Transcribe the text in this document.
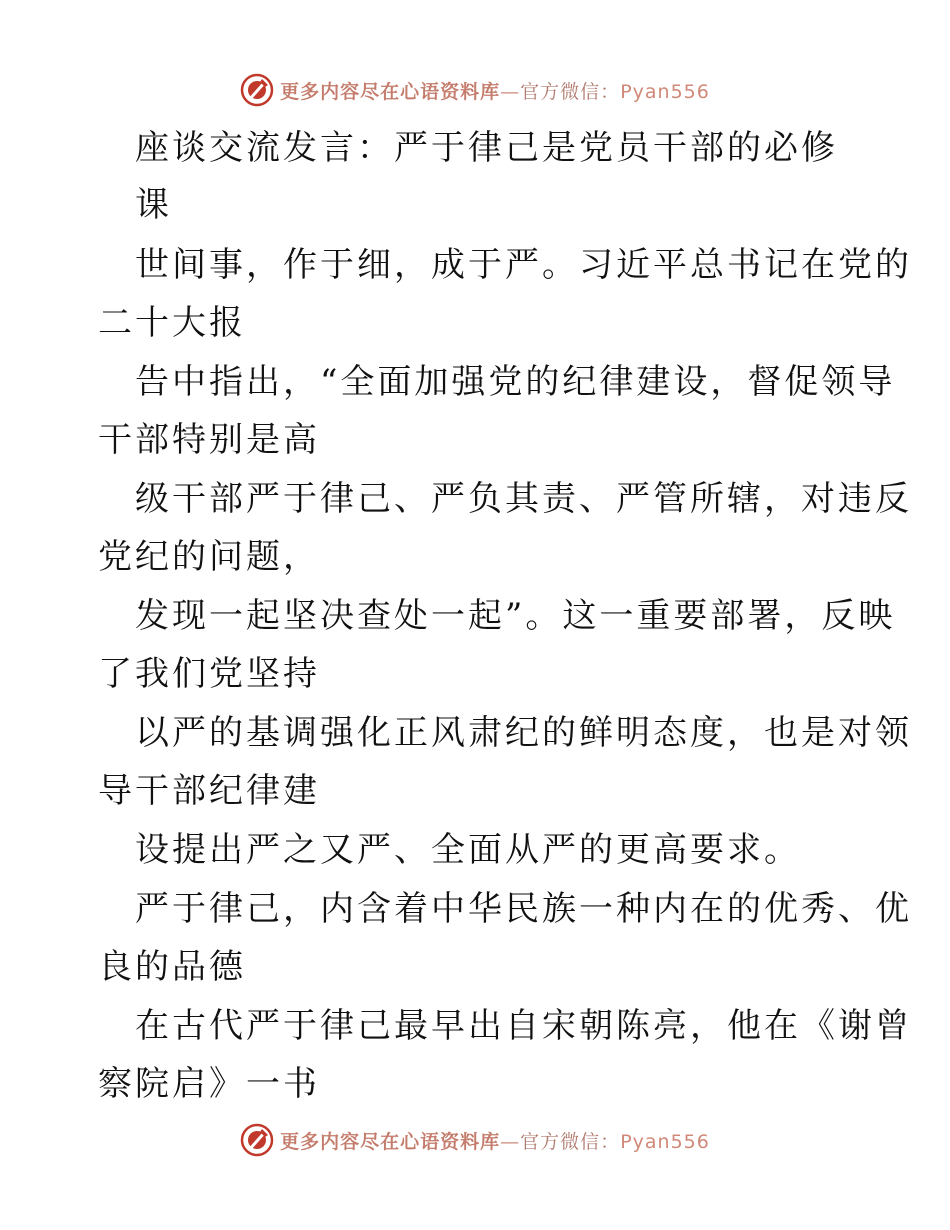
更多内容尽在心语资料库—官方微信：Pyan556
座谈交流发言：严于律己是党员干部的必修
课
世间事，作于细，成于严。习近平总书记在党的
二十大报
告中指出，“全面加强党的纪律建设，督促领导
干部特别是高
级干部严于律己、严负其责、严管所辖，对违反
党纪的问题，
发现一起坚决查处一起”。这一重要部署，反映
了我们党坚持
以严的基调强化正风肃纪的鲜明态度，也是对领
导干部纪律建
设提出严之又严、全面从严的更高要求。
严于律己，内含着中华民族一种内在的优秀、优
良的品德
在古代严于律己最早出自宋朝陈亮，他在《谢曾
察院启》一书
更多内容尽在心语资料库—官方微信：Pyan556
